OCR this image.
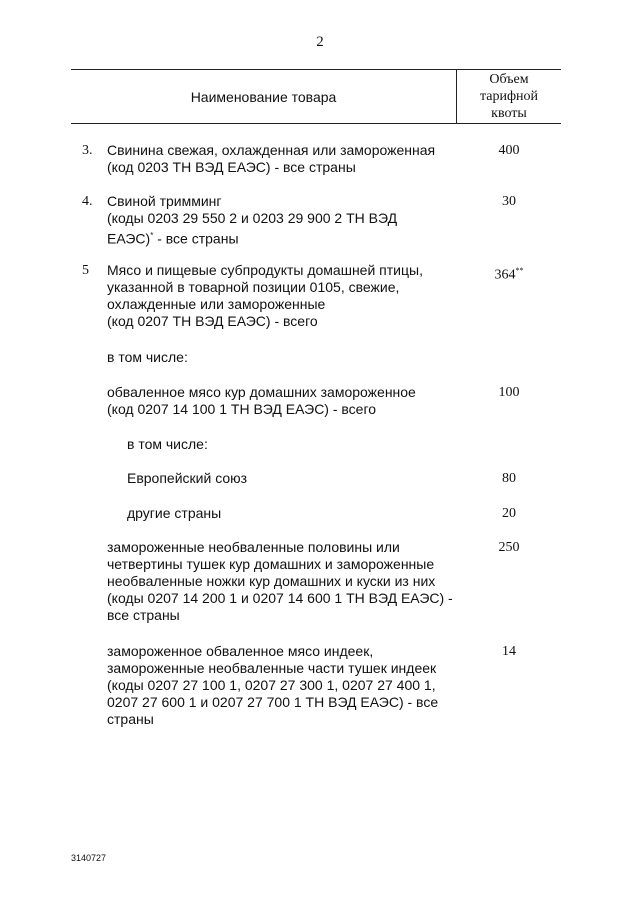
2
Наименование товара
Объем
тарифной
квоты
3. Свинина свежая, охлажденная или замороженная
(код 0203 ТН ВЭД ЕАЭС) - все страны
400
4. Свиной тримминг
(коды 0203 29 550 2 и 0203 29 900 2 ТН ВЭД
ЕАЭС)* - все страны
30
5 Мясо и пищевые субпродукты домашней птицы,
указанной в товарной позиции 0105, свежие,
охлажденные или замороженные
(код 0207 ТН ВЭД ЕАЭС) - всего
364**
в том числе:
обваленное мясо кур домашних замороженное
(код 0207 14 100 1 ТН ВЭД ЕАЭС) - всего
100
в том числе:
Европейский союз	80
другие страны	20
замороженные необваленные половины или
четвертины тушек кур домашних и замороженные
необваленные ножки кур домашних и куски из них
(коды 0207 14 200 1 и 0207 14 600 1 ТН ВЭД ЕАЭС) -
все страны
250
замороженное обваленное мясо индеек,
замороженные необваленные части тушек индеек
(коды 0207 27 100 1, 0207 27 300 1, 0207 27 400 1,
0207 27 600 1 и 0207 27 700 1 ТН ВЭД ЕАЭС) - все
страны
14
3140727
